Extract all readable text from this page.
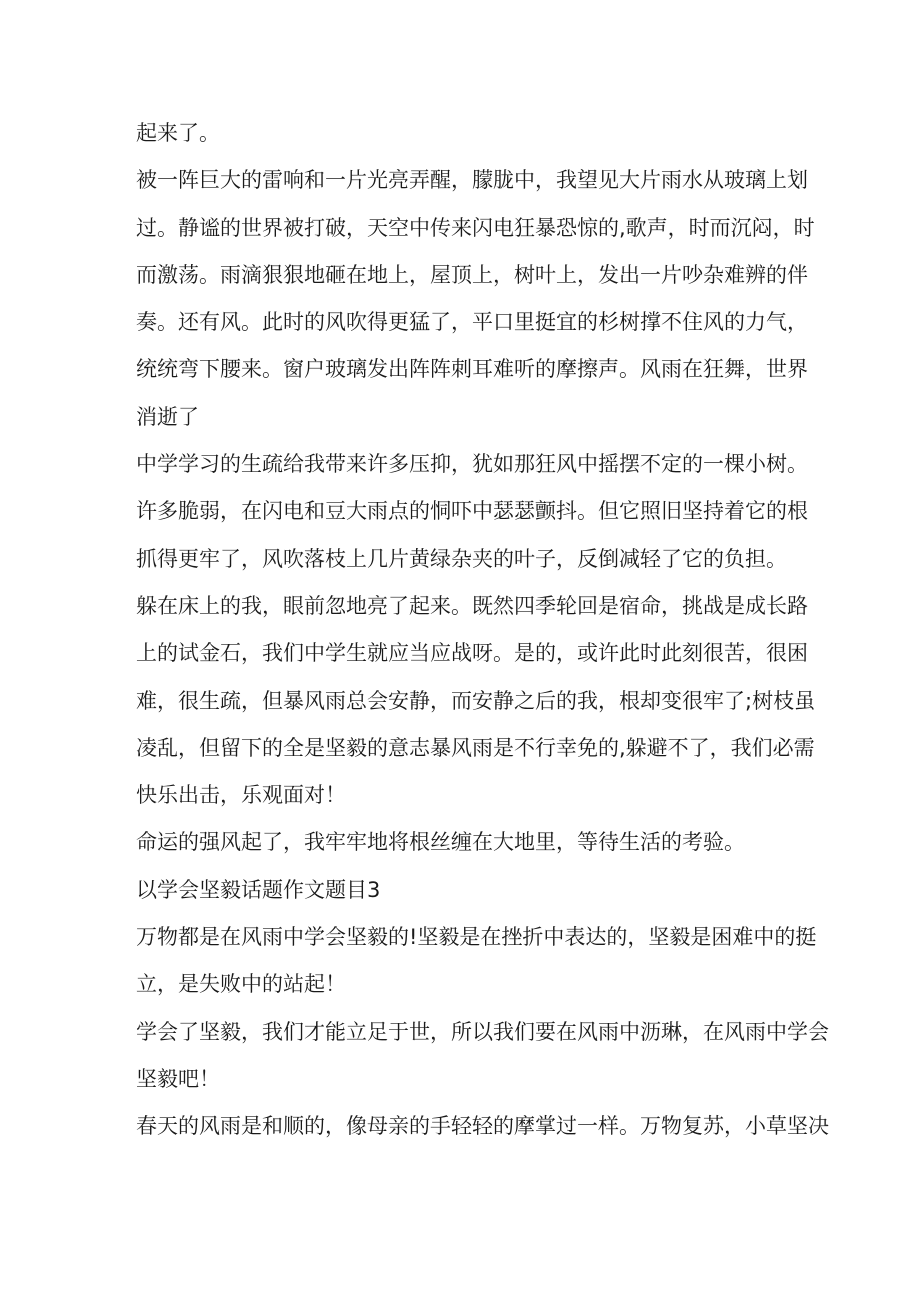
起来了。

被一阵巨大的雷响和一片光亮弄醒，朦胧中，我望见大片雨水从玻璃上划

过。静谧的世界被打破，天空中传来闪电狂暴恐惊的,歌声，时而沉闷，时

而激荡。雨滴狠狠地砸在地上，屋顶上，树叶上，发出一片吵杂难辨的伴

奏。还有风。此时的风吹得更猛了，平口里挺宜的杉树撑不住风的力气，

统统弯下腰来。窗户玻璃发出阵阵刺耳难听的摩擦声。风雨在狂舞，世界

消逝了

中学学习的生疏给我带来许多压抑，犹如那狂风中摇摆不定的一棵小树。

许多脆弱，在闪电和豆大雨点的恫吓中瑟瑟颤抖。但它照旧坚持着它的根

抓得更牢了，风吹落枝上几片黄绿杂夹的叶子，反倒减轻了它的负担。

躲在床上的我，眼前忽地亮了起来。既然四季轮回是宿命，挑战是成长路

上的试金石，我们中学生就应当应战呀。是的，或许此时此刻很苦，很困

难，很生疏，但暴风雨总会安静，而安静之后的我，根却变很牢了;树枝虽

凌乱，但留下的全是坚毅的意志暴风雨是不行幸免的,躲避不了，我们必需

快乐出击，乐观面对！

命运的强风起了，我牢牢地将根丝缠在大地里，等待生活的考验。

以学会坚毅话题作文题目3

万物都是在风雨中学会坚毅的!坚毅是在挫折中表达的，坚毅是困难中的挺

立，是失败中的站起！

学会了坚毅，我们才能立足于世，所以我们要在风雨中沥琳，在风雨中学会

坚毅吧！

春天的风雨是和顺的，像母亲的手轻轻的摩掌过一样。万物复苏，小草坚决
